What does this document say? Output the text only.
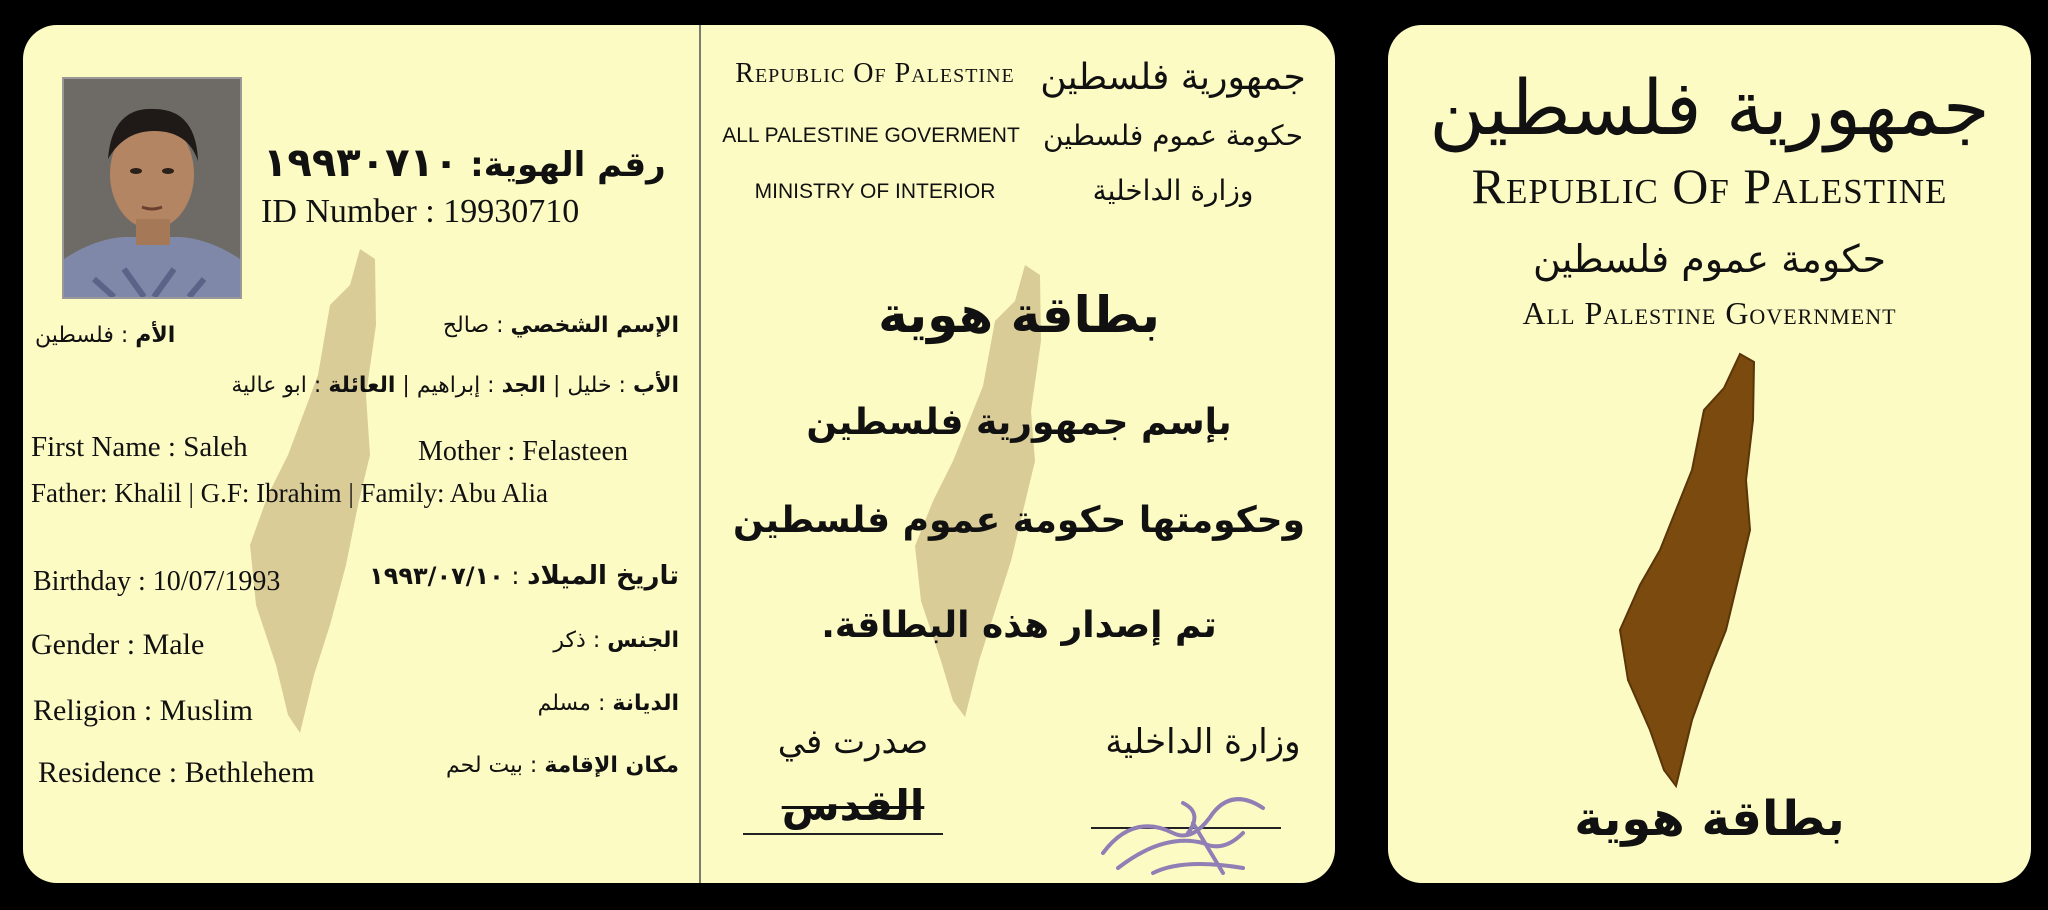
رقم الهوية: ١٩٩٣٠٧١٠
ID Number : 19930710
الإسم الشخصي : صالح
الأم : فلسطين
الأب : خليل | الجد : إبراهيم | العائلة : ابو عالية
First Name : Saleh	Mother : Felasteen
Father: Khalil | G.F: Ibrahim | Family: Abu Alia
Birthday : 10/07/1993	تاريخ الميلاد : ١٩٩٣/٠٧/١٠
Gender : Male	الجنس : ذكر
Religion : Muslim	الديانة : مسلم
Residence : Bethlehem	مكان الإقامة : بيت لحم
Republic Of Palestine جمهورية فلسطين
ALL PALESTINE GOVERMENT حكومة عموم فلسطين
MINISTRY OF INTERIOR	وزارة الداخلية
بطاقة هوية
بإسم جمهورية فلسطين
وحكومتها حكومة عموم فلسطين
تم إصدار هذه البطاقة.
صدرت في
القدس
وزارة الداخلية
جمهورية فلسطين
Republic Of Palestine
حكومة عموم فلسطين
All Palestine Government
بطاقة هوية
